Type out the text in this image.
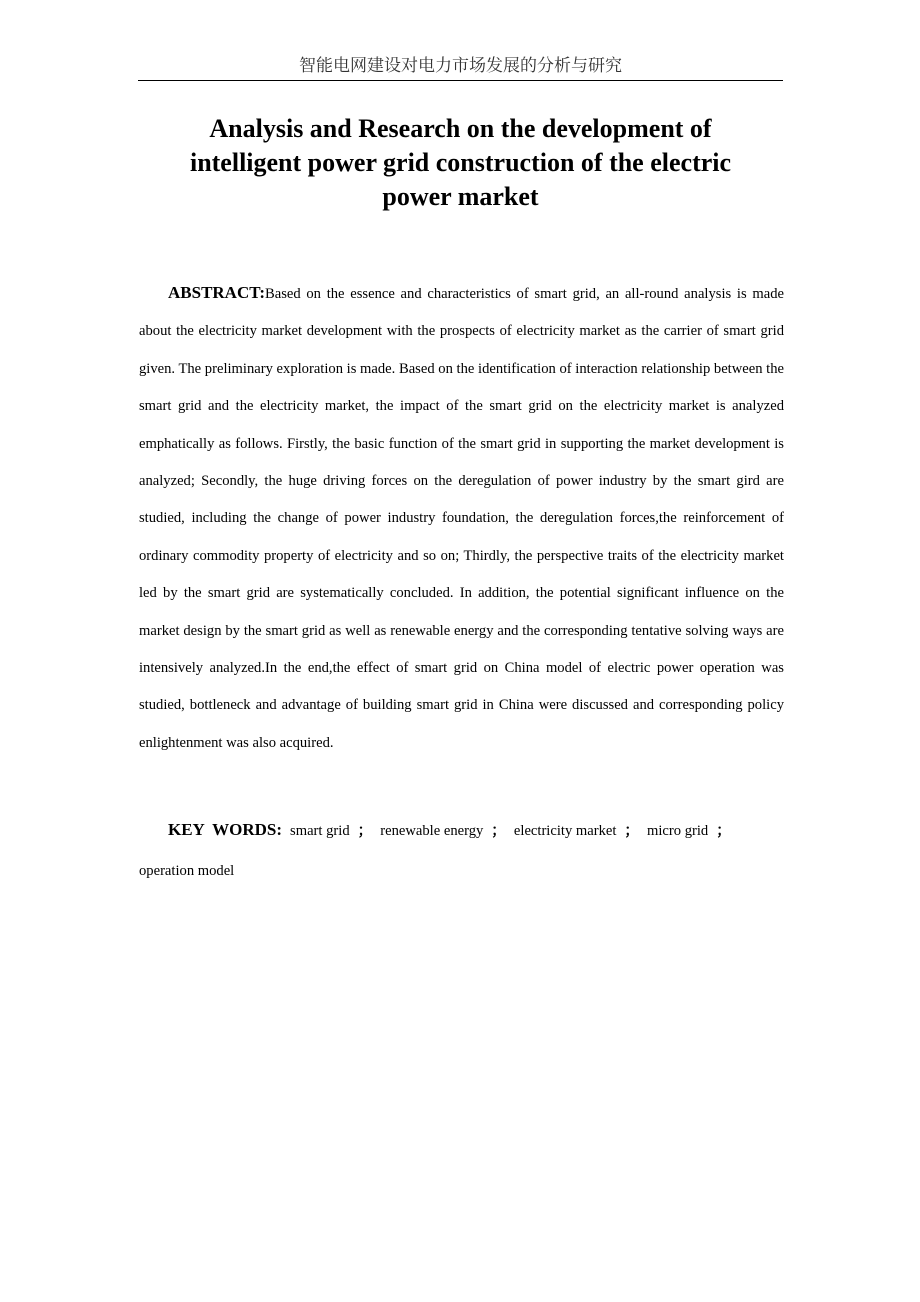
智能电网建设对电力市场发展的分析与研究
Analysis and Research on the development of
intelligent power grid construction of the electric
power market

ABSTRACT:Based on the essence and characteristics of smart grid, an all-round analysis is made about the electricity market development with the prospects of electricity market as the carrier of smart grid given. The preliminary exploration is made. Based on the identification of interaction relationship between the smart grid and the electricity market, the impact of the smart grid on the electricity market is analyzed emphatically as follows. Firstly, the basic function of the smart grid in supporting the market development is analyzed; Secondly, the huge driving forces on the deregulation of power industry by the smart gird are studied, including the change of power industry foundation, the deregulation forces,the reinforcement of ordinary commodity property of electricity and so on; Thirdly, the perspective traits of the electricity market led by the smart grid are systematically concluded. In addition, the potential significant influence on the market design by the smart grid as well as renewable energy and the corresponding tentative solving ways are intensively analyzed.In the end,the effect of smart grid on China model of electric power operation was studied, bottleneck and advantage of building smart grid in China were discussed and corresponding policy enlightenment was also acquired.

KEY WORDS: smart grid ； renewable energy ； electricity market ； micro grid ；
operation model
